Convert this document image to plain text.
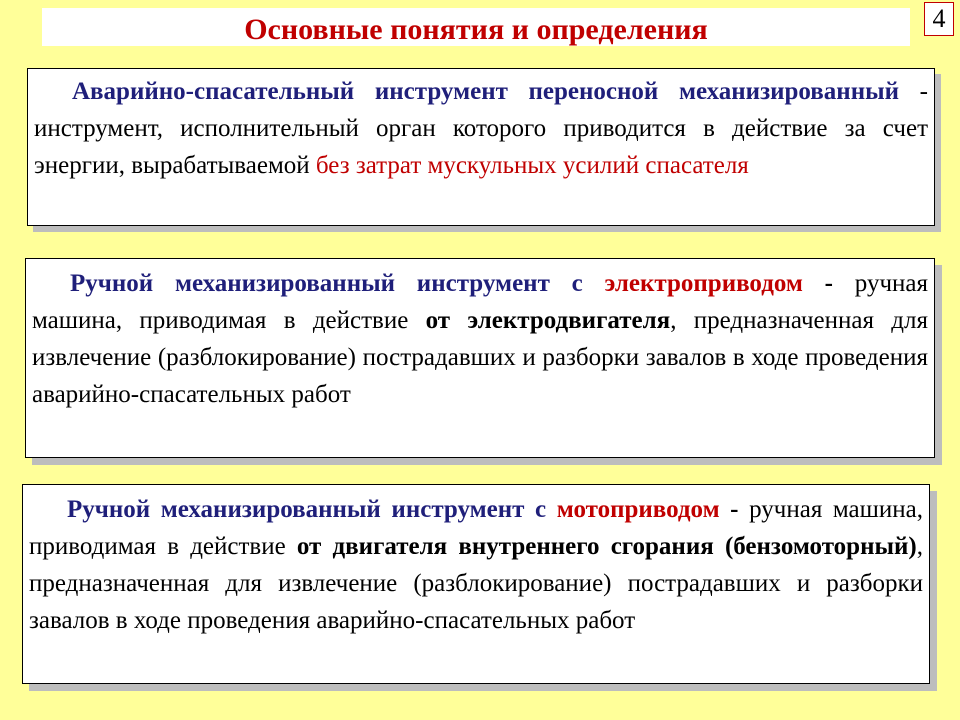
Основные понятия и определения	4

Аварийно-спасательный инструмент переносной механизированный - инструмент, исполнительный орган которого приводится в действие за счет энергии, вырабатываемой без затрат мускульных усилий спасателя

Ручной механизированный инструмент с электроприводом - ручная машина, приводимая в действие от электродвигателя, предназначенная для извлечение (разблокирование) пострадавших и разборки завалов в ходе проведения аварийно-спасательных работ

Ручной механизированный инструмент с мотоприводом - ручная машина, приводимая в действие от двигателя внутреннего сгорания (бензомоторный), предназначенная для извлечение (разблокирование) пострадавших и разборки завалов в ходе проведения аварийно-спасательных работ
